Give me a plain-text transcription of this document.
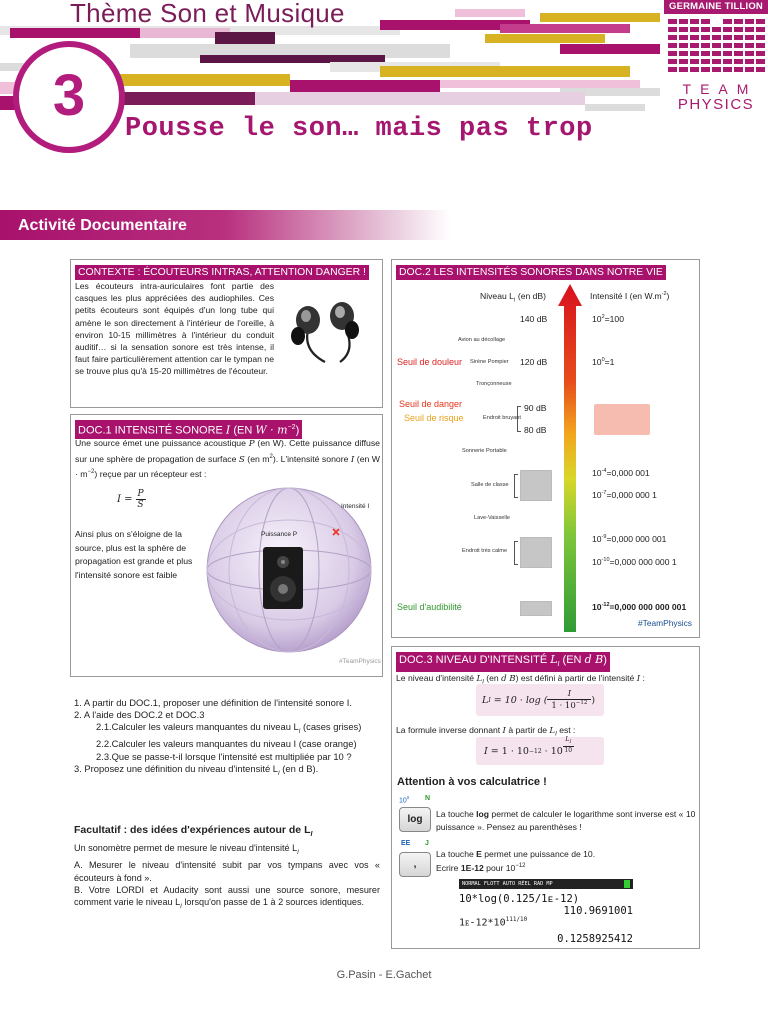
Thème Son et Musique
3
Pousse le son… mais pas trop
GERMAINE TILLION
TEAM
PHYSICS
Activité Documentaire
CONTEXTE : ÉCOUTEURS INTRAS, ATTENTION DANGER !
Les écouteurs intra-auriculaires font partie des casques les plus appréciées des audiophiles. Ces petits écouteurs sont équipés d'un long tube qui amène le son directement à l'intérieur de l'oreille, à environ 10-15 millimètres à l'intérieur du conduit auditif… si la sensation sonore est très intense, il faut faire particulièrement attention car le tympan ne se trouve plus qu'à 15-20 millimètres de l'écouteur.
DOC.1 INTENSITÉ SONORE I (EN $W \cdot m^{-2}$)
Une source émet une puissance acoustique P (en W). Cette puissance diffuse sur une sphère de propagation de surface S (en $m^2$). L'intensité sonore I (en $W \cdot m^{-2}$) reçue par un récepteur est :
I = P
S
Ainsi plus on s'éloigne de la source, plus est la sphère de propagation est grande et plus l'intensité sonore est faible
Puissance P
Intensité I
#TeamPhysics
DOC.2 LES INTENSITÉS SONORES DANS NOTRE VIE
Niveau $L_I$ (en dB)	Intensité I (en $W.m^{-2}$)
140 dB
120 dB
90 dB
80 dB
$10^2=100$
$10^0=1$
$10^{-4}=0,000$ 001
$10^{-7}=0,000$ 000 1
$10^{-9}=0,000$ 000 001
$10^{-10}=0,000$ 000 000 1
$10^{-12}=0,000$ 000 000 001
Avion au décollage
Sirène Pompier
Tronçonneuse
Endroit bruyant
Sonnerie Portable
Salle de classe
Lave-Vaisselle
Endroit très calme
Seuil de douleur
Seuil de danger
Seuil de risque
Seuil d'audibilité
#TeamPhysics
DOC.3 NIVEAU D'INTENSITÉ $L_I$ (EN d B)
Le niveau d'intensité $L_I$ (en d B) est défini à partir de l'intensité I :
L I = 10 · log (
I
$1 \cdot 10^{-12}$ )
La formule inverse donnant I à partir de $L_I$ est :
I = 1 · 10 −12 · 10
$L_I$
10
Attention à vos calculatrice !
10$^x$ N
log	La touche log permet de calculer le logarithme sont inverse est « 10 puissance ». Pensez au parenthèses !
EE J
,
La touche E permet une puissance de 10.
Ecrire 1E-12 pour $10^{-12}$
NORMAL FLOTT AUTO RÉEL RAD MP
10*log(0.125/1ᴇ-12)
110.9691001
$1ᴇ-12*10^{111/10}$
0.1258925412
1. A partir du DOC.1, proposer une définition de l'intensité sonore I.
2. A l'aide des DOC.2 et DOC.3
2.1.Calculer les valeurs manquantes du niveau $L_I$ (cases grises)
2.2.Calculer les valeurs manquantes du niveau I (case orange)
2.3.Que se passe-t-il lorsque l'intensité est multipliée par 10 ?
3. Proposez une définition du niveau d'intensité $L_I$ (en d B).
Facultatif : des idées d'expériences autour de $L_I$
Un sonomètre permet de mesure le niveau d'intensité $L_I$
A. Mesurer le niveau d'intensité subit par vos tympans avec vos « écouteurs à fond ».
B. Votre LORDI et Audacity sont aussi une source sonore, mesurer comment varie le niveau $L_I$ lorsqu'on passe de 1 à 2 sources identiques.
G.Pasin - E.Gachet
